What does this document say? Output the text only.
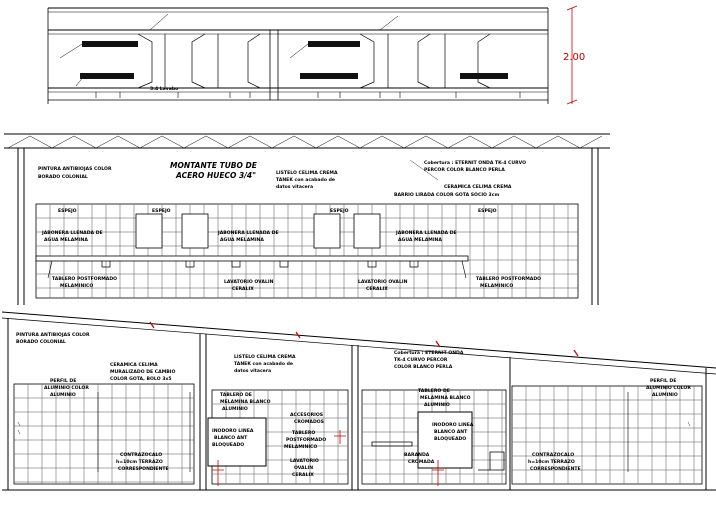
3.4 Lavabo
2.00
PINTURA ANTIBIOJAS COLOR
BORADO COLONIAL
MONTANTE TUBO DE
ACERO HUECO 3/4"	LISTELO CELIMA CREMA
TANEK con acabado de
datos vitacera
Cobertura : ETERNIT ONDA TK-4 CURVO
PERCOR COLOR BLANCO PERLA
CERAMICA CELIMA CREMA
BARRIO LIRADA COLOR GOTA SOCIO 3cm
ESPEJO	ESPEJO	ESPEJO	ESPEJO
JABONERA LLENADA DE
AGUA MELAMINA
JABONERA LLENADA DE
AGUA MELAMINA
JABONERA LLENADA DE
AGUA MELAMINA
TABLERO POSTFORMADO
MELAMINICO
TABLERO POSTFORMADO
MELAMINICO
LAVATORIO OVALIN
CERALIX
LAVATORIO OVALIN
CERALIX
PINTURA ANTIBIOJAS COLOR
BORADO COLONIAL
CERAMICA CELIMA
MURALIZADO DE CAMBIO
COLOR GOTA, BOLO 3x5
PERFIL DE
ALUMINIO COLOR
ALUMINIO
PERFIL DE
ALUMINIO COLOR
ALUMINIO
LISTELO CELIMA CREMA
TANEK con acabado de
datos vitacera
Cobertura : ETERNIT ONDA
TK-4 CURVO PERCOR
COLOR BLANCO PERLA
CONTRAZOCALO
h=10cm TERRAZO
CORRESPONDIENTE
CONTRAZOCALO
h=10cm TERRAZO
CORRESPONDIENTE
TABLERO DE
MELAMINA BLANCO
ALUMINIO
ACCESORIOS
CROMADOS
TABLERO
POSTFORMADO
MELAMINICO
LAVATORIO
OVALIN
CERALIX
INODORO LINEA
BLANCO ANT
BLOQUEADO
TABLERO DE
MELAMINA BLANCO
ALUMINIO
INODORO LINEA
BLANCO ANT
BLOQUEADO
BARANDA
CROMADA
